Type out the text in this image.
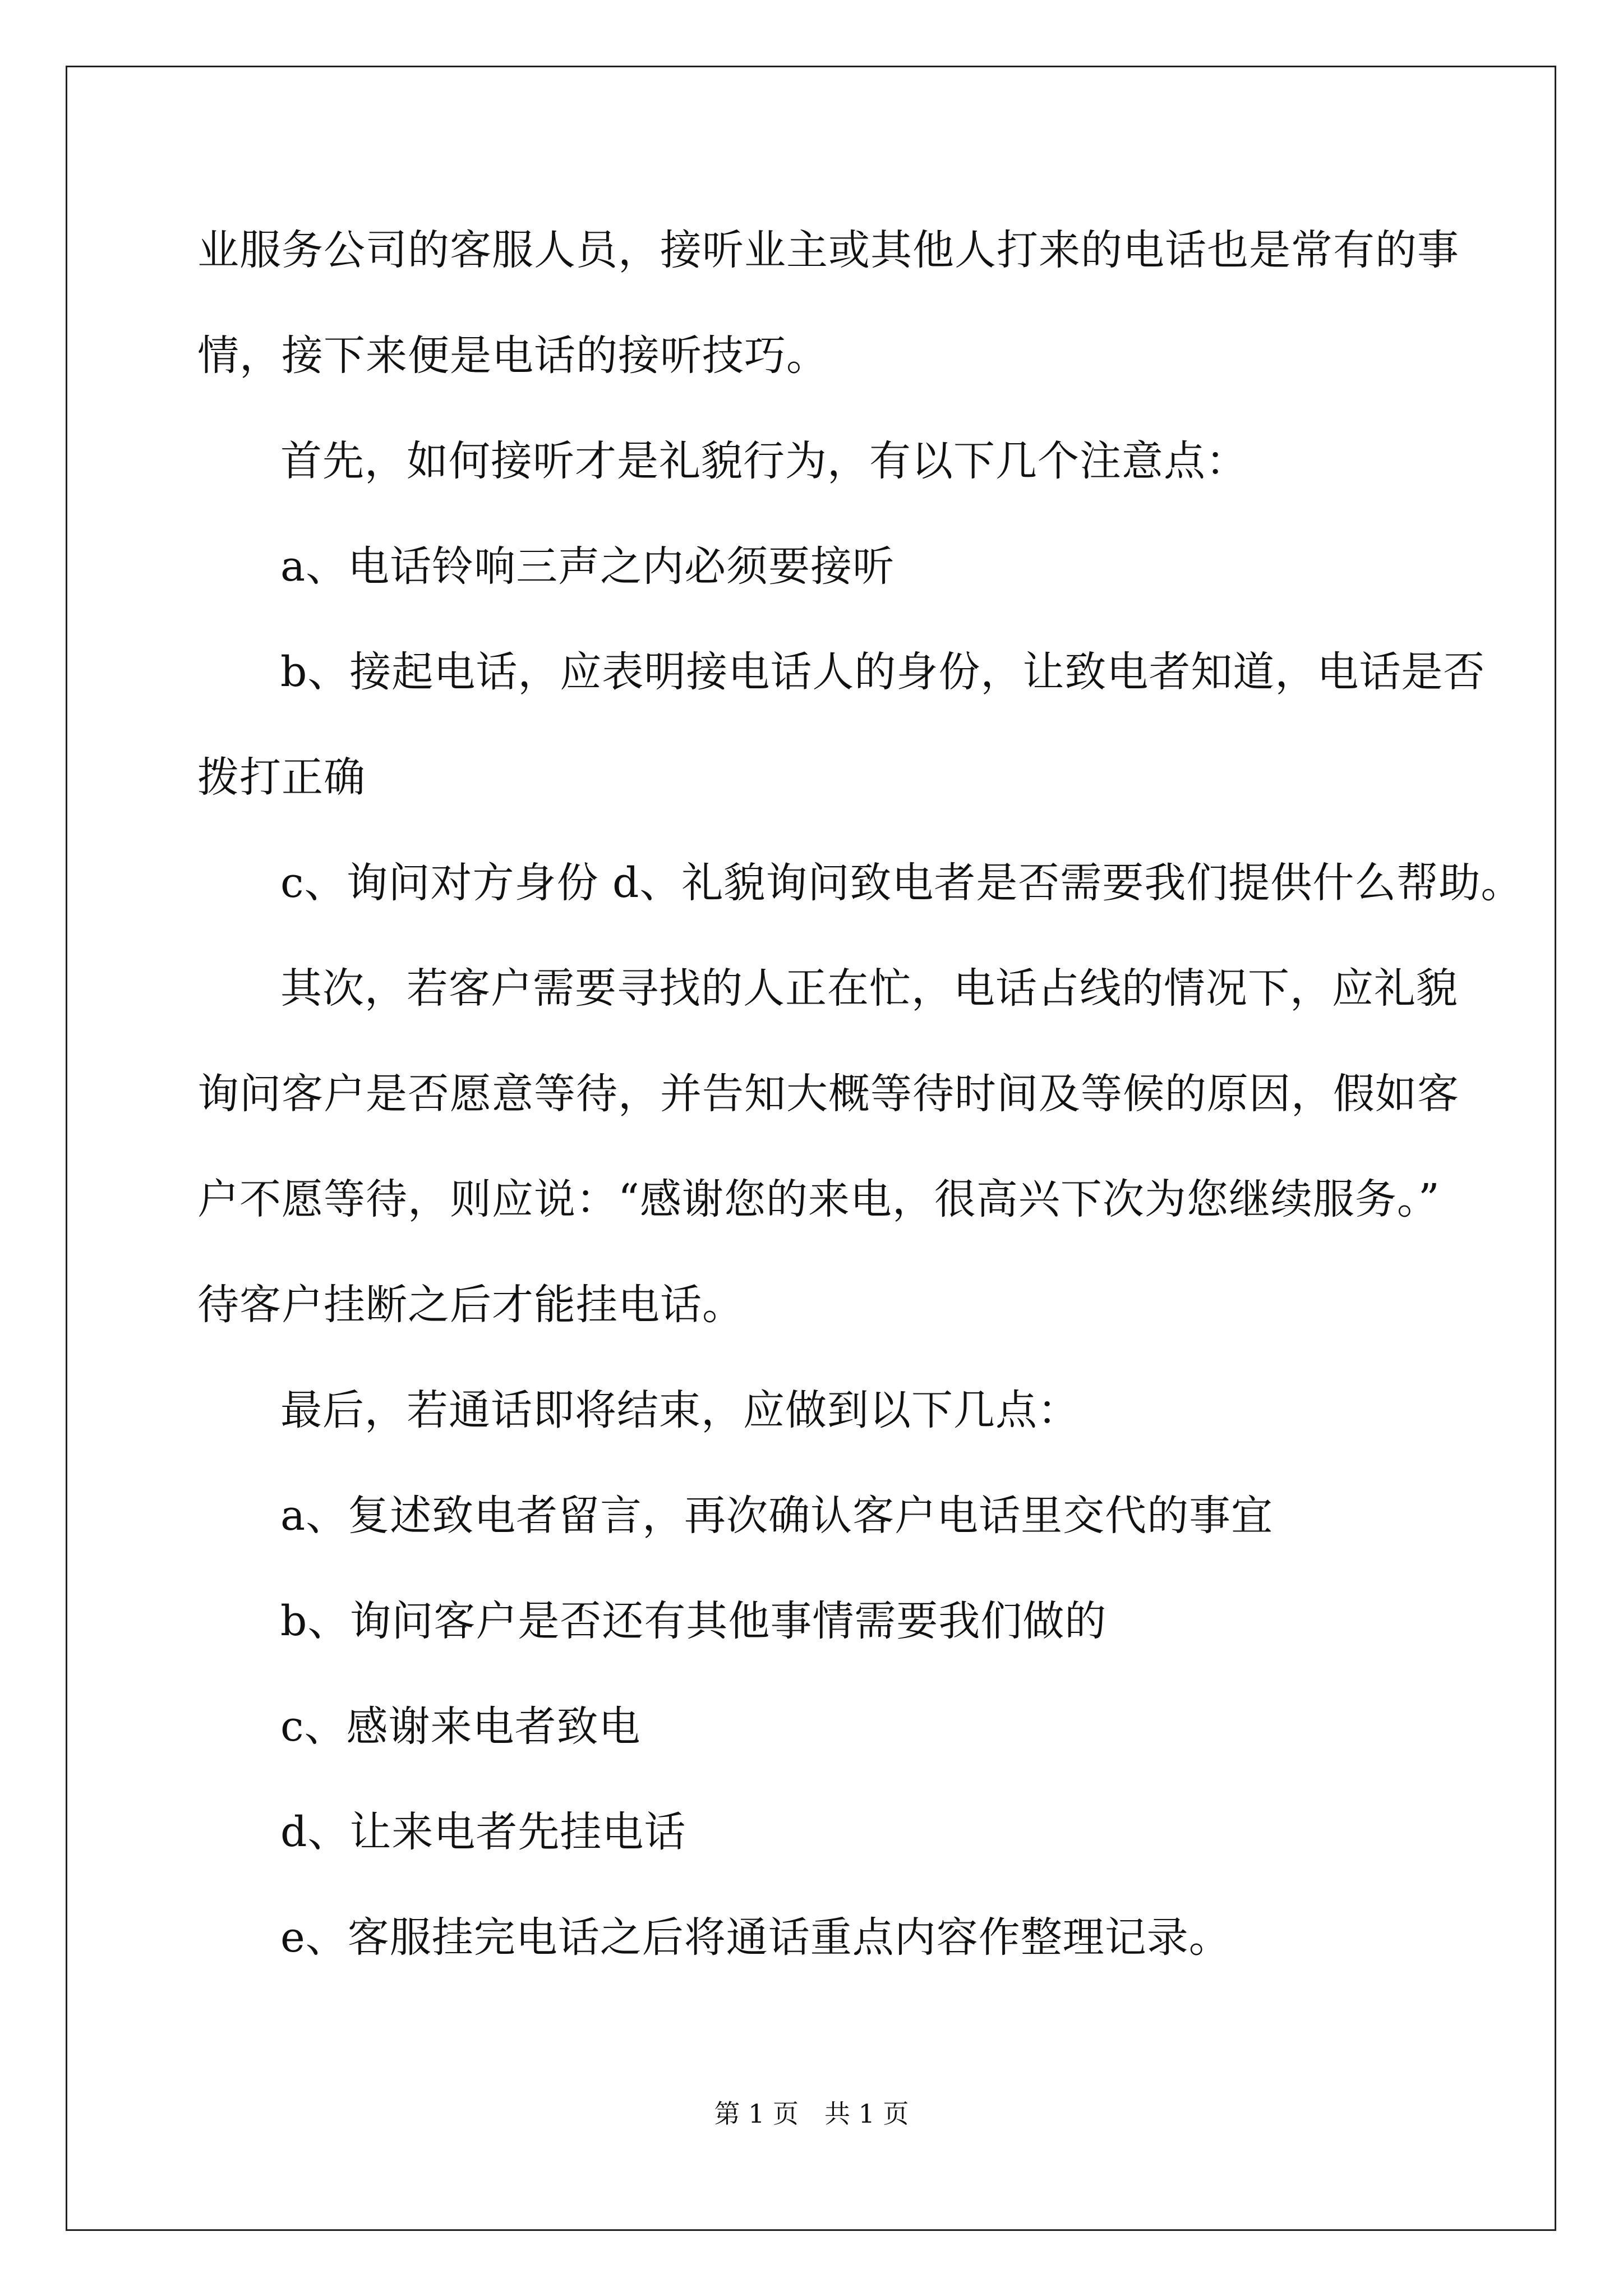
业服务公司的客服人员，接听业主或其他人打来的电话也是常有的事
情，接下来便是电话的接听技巧。
首先，如何接听才是礼貌行为，有以下几个注意点：
a、电话铃响三声之内必须要接听
b、接起电话，应表明接电话人的身份，让致电者知道，电话是否
拨打正确
c、询问对方身份 d、礼貌询问致电者是否需要我们提供什么帮助。
其次，若客户需要寻找的人正在忙，电话占线的情况下，应礼貌
询问客户是否愿意等待，并告知大概等待时间及等候的原因，假如客
户不愿等待，则应说：“感谢您的来电，很高兴下次为您继续服务。”
待客户挂断之后才能挂电话。
最后，若通话即将结束，应做到以下几点：
a、复述致电者留言，再次确认客户电话里交代的事宜
b、询问客户是否还有其他事情需要我们做的
c、感谢来电者致电
d、让来电者先挂电话
e、客服挂完电话之后将通话重点内容作整理记录。
第 1 页　共 1 页
